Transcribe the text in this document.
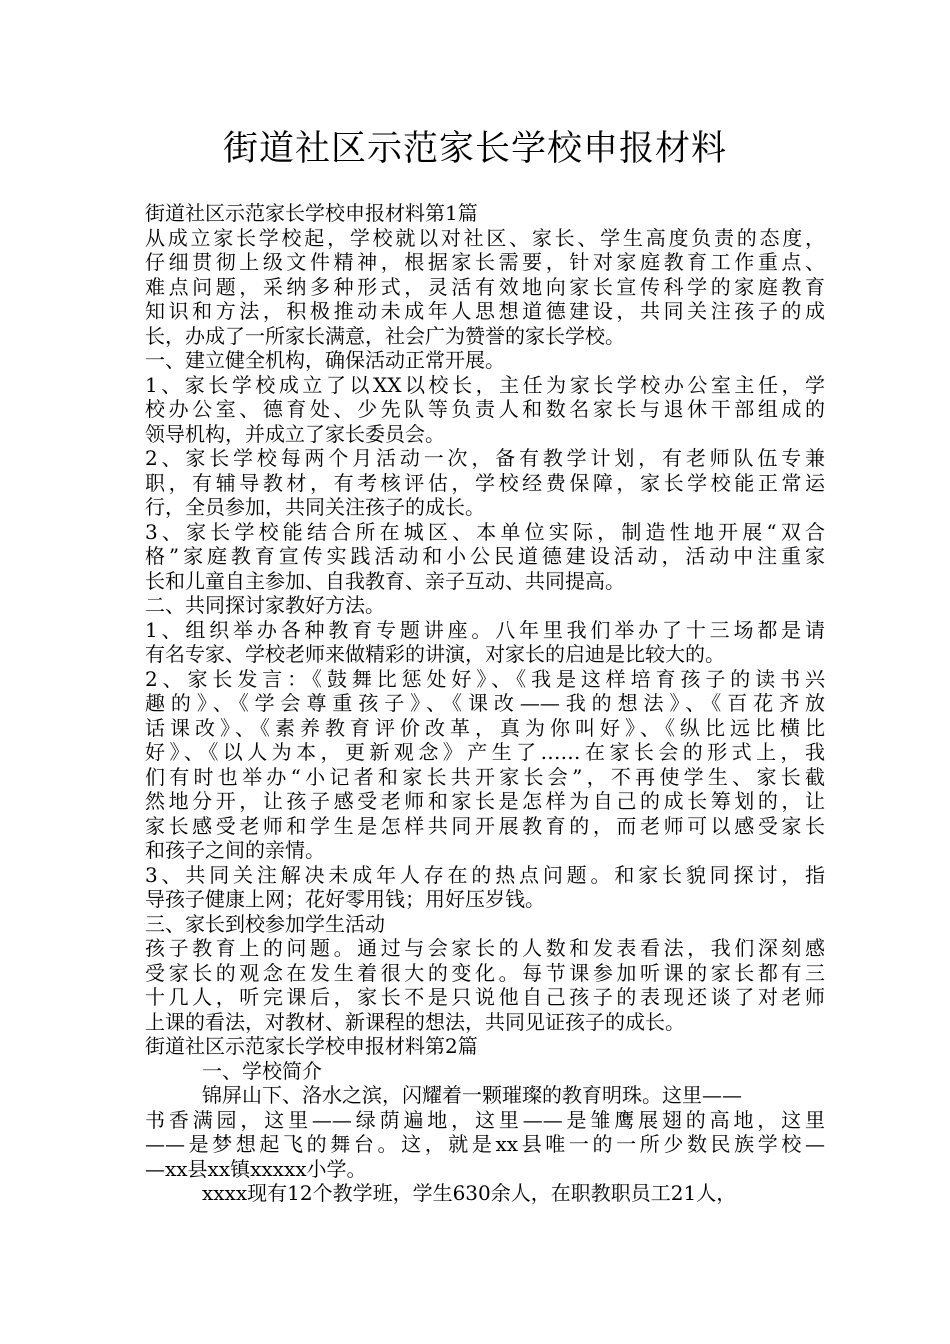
街道社区示范家长学校申报材料
街道社区示范家长学校申报材料第1篇
从成立家长学校起，学校就以对社区、家长、学生高度负责的态度，
仔细贯彻上级文件精神，根据家长需要，针对家庭教育工作重点、
难点问题，采纳多种形式，灵活有效地向家长宣传科学的家庭教育
知识和方法，积极推动未成年人思想道德建设，共同关注孩子的成
长，办成了一所家长满意，社会广为赞誉的家长学校。
一、建立健全机构，确保活动正常开展。
1、家长学校成立了以XX以校长，主任为家长学校办公室主任，学
校办公室、德育处、少先队等负责人和数名家长与退休干部组成的
领导机构，并成立了家长委员会。
2、家长学校每两个月活动一次，备有教学计划，有老师队伍专兼
职，有辅导教材，有考核评估，学校经费保障，家长学校能正常运
行，全员参加，共同关注孩子的成长。
3、家长学校能结合所在城区、本单位实际，制造性地开展“双合
格”家庭教育宣传实践活动和小公民道德建设活动，活动中注重家
长和儿童自主参加、自我教育、亲子互动、共同提高。
二、共同探讨家教好方法。
1、组织举办各种教育专题讲座。八年里我们举办了十三场都是请
有名专家、学校老师来做精彩的讲演，对家长的启迪是比较大的。
2、家长发言：《鼓舞比惩处好》、《我是这样培育孩子的读书兴
趣的》、《学会尊重孩子》、《课改——我的想法》、《百花齐放
话课改》、《素养教育评价改革，真为你叫好》、《纵比远比横比
好》、《以人为本，更新观念》产生了……在家长会的形式上，我
们有时也举办“小记者和家长共开家长会”，不再使学生、家长截
然地分开，让孩子感受老师和家长是怎样为自己的成长筹划的，让
家长感受老师和学生是怎样共同开展教育的，而老师可以感受家长
和孩子之间的亲情。
3、共同关注解决未成年人存在的热点问题。和家长貌同探讨，指
导孩子健康上网；花好零用钱；用好压岁钱。
三、家长到校参加学生活动
孩子教育上的问题。通过与会家长的人数和发表看法，我们深刻感
受家长的观念在发生着很大的变化。每节课参加听课的家长都有三
十几人，听完课后，家长不是只说他自己孩子的表现还谈了对老师
上课的看法，对教材、新课程的想法，共同见证孩子的成长。
街道社区示范家长学校申报材料第2篇
一、学校简介
锦屏山下、洛水之滨，闪耀着一颗璀璨的教育明珠。这里——
书香满园，这里——绿荫遍地，这里——是雏鹰展翅的高地，这里
——是梦想起飞的舞台。这，就是xx县唯一的一所少数民族学校—
—xx县xx镇xxxxx小学。
xxxx现有12个教学班，学生630余人，在职教职员工21人，
